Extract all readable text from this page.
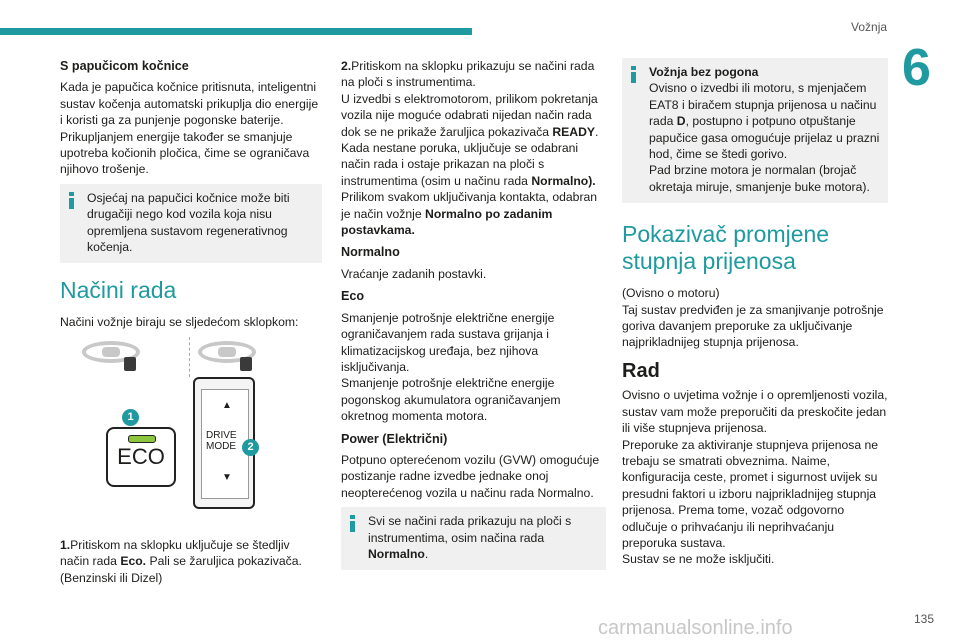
Vožnja
6
S papučicom kočnice

Kada je papučica kočnice pritisnuta, inteligentni sustav kočenja automatski prikuplja dio energije i koristi ga za punjenje pogonske baterije. Prikupljanjem energije također se smanjuje upotreba kočionih pločica, čime se ograničava njihovo trošenje.

Osjećaj na papučici kočnice može biti drugačiji nego kod vozila koja nisu opremljena sustavom regenerativnog kočenja.
Načini rada

Načini vožnje biraju se sljedećom sklopkom:

1
ECO
▲
DRIVE
MODE
▼
2

1.Pritiskom na sklopku uključuje se štedljiv način rada Eco. Pali se žaruljica pokazivača. (Benzinski ili Dizel)

2.Pritiskom na sklopku prikazuju se načini rada na ploči s instrumentima.
U izvedbi s elektromotorom, prilikom pokretanja vozila nije moguće odabrati nijedan način rada dok se ne prikaže žaruljica pokazivača READY. Kada nestane poruka, uključuje se odabrani način rada i ostaje prikazan na ploči s instrumentima (osim u načinu rada Normalno).
Prilikom svakom uključivanja kontakta, odabran je način vožnje Normalno po zadanim postavkama.

Normalno

Vraćanje zadanih postavki.

Eco

Smanjenje potrošnje električne energije ograničavanjem rada sustava grijanja i klimatizacijskog uređaja, bez njihova isključivanja.
Smanjenje potrošnje električne energije pogonskog akumulatora ograničavanjem okretnog momenta motora.

Power (Električni)

Potpuno opterećenom vozilu (GVW) omogućuje postizanje radne izvedbe jednake onoj neopterećenog vozila u načinu rada Normalno.

Svi se načini rada prikazuju na ploči s instrumentima, osim načina rada Normalno.
Vožnja bez pogona
Ovisno o izvedbi ili motoru, s mjenjačem EAT8 i biračem stupnja prijenosa u načinu rada D, postupno i potpuno otpuštanje papučice gasa omogućuje prijelaz u prazni hod, čime se štedi gorivo.
Pad brzine motora je normalan (brojač okretaja miruje, smanjenje buke motora).
Pokazivač promjene stupnja prijenosa

(Ovisno o motoru)
Taj sustav predviđen je za smanjivanje potrošnje goriva davanjem preporuke za uključivanje najprikladnijeg stupnja prijenosa.

Rad

Ovisno o uvjetima vožnje i o opremljenosti vozila, sustav vam može preporučiti da preskočite jedan ili više stupnjeva prijenosa.
Preporuke za aktiviranje stupnjeva prijenosa ne trebaju se smatrati obveznima. Naime, konfiguracija ceste, promet i sigurnost uvijek su presudni faktori u izboru najprikladnijeg stupnja prijenosa. Prema tome, vozač odgovorno odlučuje o prihvaćanju ili neprihvaćanju preporuka sustava.
Sustav se ne može isključiti.

carmanualsonline.info	135
